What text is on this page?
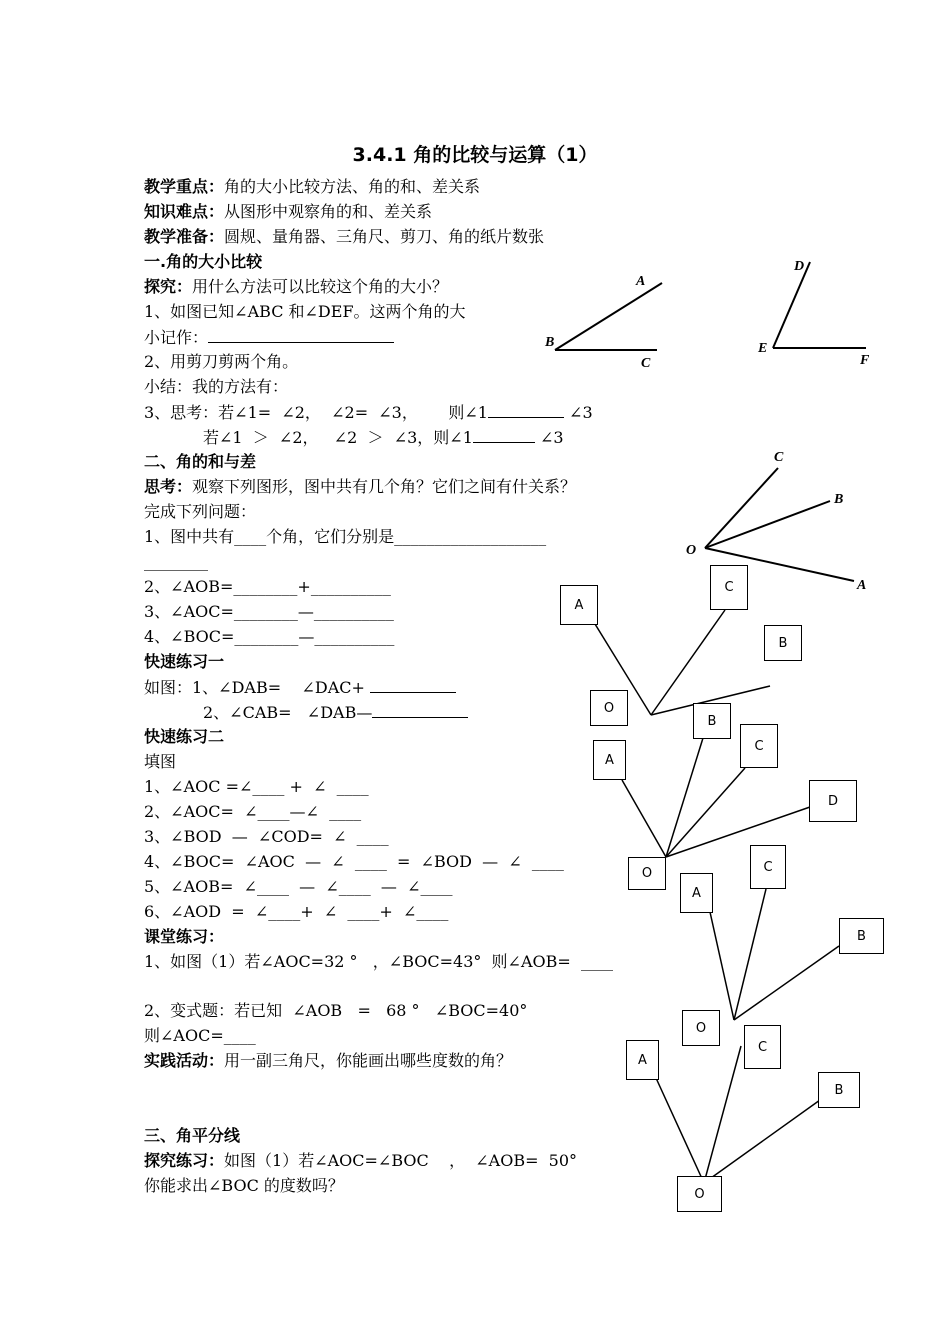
3.4.1 角的比较与运算（1）

教学重点：角的大小比较方法、角的和、差关系

知识难点：从图形中观察角的和、差关系

教学准备：圆规、量角器、三角尺、剪刀、角的纸片数张

一.角的大小比较

探究：用什么方法可以比较这个角的大小？

1、如图已知∠ABC 和∠DEF。这两个角的大

小记作：

2、用剪刀剪两个角。

小结：我的方法有：

3、思考：若∠1=  ∠2，  ∠2=  ∠3，      则∠1	∠3

若∠1  ＞  ∠2，   ∠2  ＞  ∠3，则∠1	∠3

二、角的和与差

思考：观察下列图形，图中共有几个角？它们之间有什关系？

完成下列问题：

1、图中共有____个角，它们分别是___________________

________

2、∠AOB=________+__________

3、∠AOC=________—__________

4、∠BOC=________—__________

快速练习一

如图：1、∠DAB=    ∠DAC+

2、∠CAB=   ∠DAB—

快速练习二

填图

1、∠AOC =∠____ +  ∠  ____

2、∠AOC=  ∠____—∠  ____

3、∠BOD  —  ∠COD=  ∠  ____

4、∠BOC=  ∠AOC  —  ∠  ____  =  ∠BOD  —  ∠  ____

5、∠AOB=  ∠____  —  ∠____  —  ∠____

6、∠AOD  =  ∠____+  ∠  ____+  ∠____

课堂练习：

1、如图（1）若∠AOC=32 °   ，∠BOC=43°  则∠AOB=  ____

2、变式题：若已知  ∠AOB   =   68 °   ∠BOC=40°

则∠AOC=____

实践活动：用一副三角尺，你能画出哪些度数的角？

三、角平分线

探究练习：如图（1）若∠AOC=∠BOC    ，  ∠AOB=  50°

你能求出∠BOC 的度数吗？

A
B
C
D
E
F
C
B
O
A
A
C
B
O
B
C
A
D
O	C
A
B
O
C
A
B
O
